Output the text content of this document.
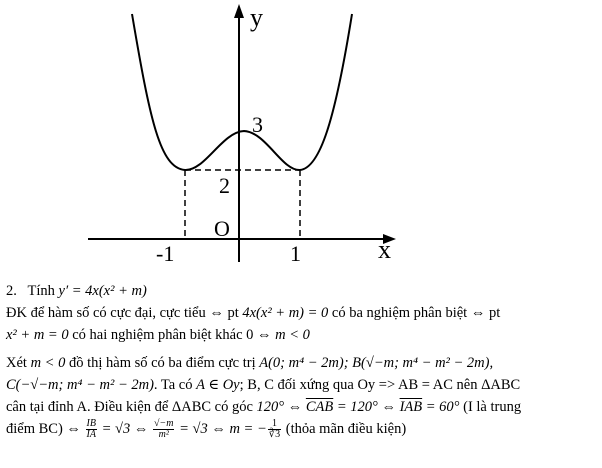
y
x
O
3
2
-1	1
2. Tính y′ = 4x(x² + m)
ĐK để hàm số có cực đại, cực tiểu ⇔ pt 4x(x² + m) = 0 có ba nghiệm phân biệt ⇔ pt
x² + m = 0 có hai nghiệm phân biệt khác 0 ⇔ m < 0
Xét m < 0 đồ thị hàm số có ba điểm cực trị A(0; m⁴ − 2m); B(√−m; m⁴ − m² − 2m),
C(−√−m; m⁴ − m² − 2m). Ta có A ∈ Oy; B, C đối xứng qua Oy => AB = AC nên ΔABC
cân tại đỉnh A. Điều kiện để ΔABC có góc 120° ⇔ $\overline{CAB} = 120^\circ$ ⇔ $\overline{IAB} = 60^\circ$ (I là trung
điểm BC) ⇔ $\frac{IB}{IA} = √3$ ⇔ $\frac{√-m}{\text{m²}} = √3$ ⇔ m = − $\frac{1}{∛3}$ (thỏa mãn điều kiện)
